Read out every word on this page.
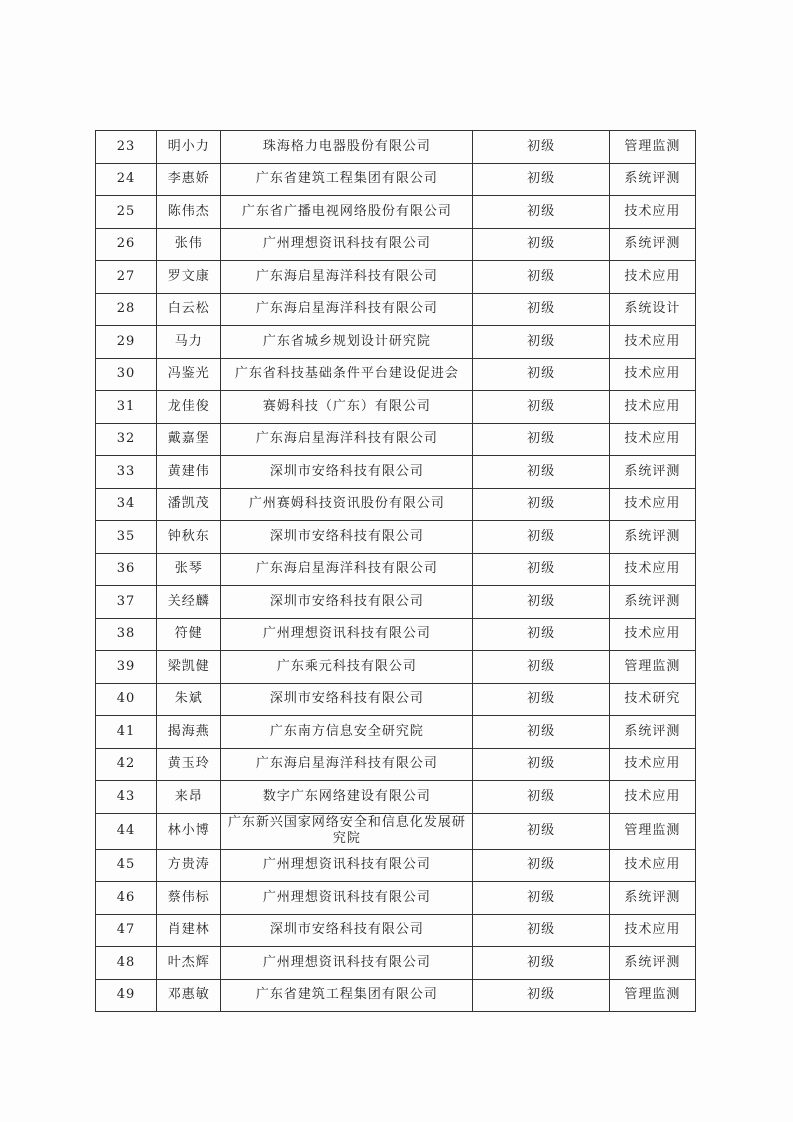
23	明小力	珠海格力电器股份有限公司	初级	管理监测
24	李惠娇	广东省建筑工程集团有限公司	初级	系统评测
25	陈伟杰	广东省广播电视网络股份有限公司	初级	技术应用
26	张伟	广州理想资讯科技有限公司	初级	系统评测
27	罗文康	广东海启星海洋科技有限公司	初级	技术应用
28	白云松	广东海启星海洋科技有限公司	初级	系统设计
29	马力	广东省城乡规划设计研究院	初级	技术应用
30	冯鉴光	广东省科技基础条件平台建设促进会	初级	技术应用
31	龙佳俊	赛姆科技（广东）有限公司	初级	技术应用
32	戴嘉堡	广东海启星海洋科技有限公司	初级	技术应用
33	黄建伟	深圳市安络科技有限公司	初级	系统评测
34	潘凯茂	广州赛姆科技资讯股份有限公司	初级	技术应用
35	钟秋东	深圳市安络科技有限公司	初级	系统评测
36	张琴	广东海启星海洋科技有限公司	初级	技术应用
37	关经麟	深圳市安络科技有限公司	初级	系统评测
38	符健	广州理想资讯科技有限公司	初级	技术应用
39	梁凯健	广东乘元科技有限公司	初级	管理监测
40	朱斌	深圳市安络科技有限公司	初级	技术研究
41	揭海燕	广东南方信息安全研究院	初级	系统评测
42	黄玉玲	广东海启星海洋科技有限公司	初级	技术应用
43	来昂	数字广东网络建设有限公司	初级	技术应用
44	林小博	广东新兴国家网络安全和信息化发展研究院	初级	管理监测
45	方贵涛	广州理想资讯科技有限公司	初级	技术应用
46	蔡伟标	广州理想资讯科技有限公司	初级	系统评测
47	肖建林	深圳市安络科技有限公司	初级	技术应用
48	叶杰辉	广州理想资讯科技有限公司	初级	系统评测
49	邓惠敏	广东省建筑工程集团有限公司	初级	管理监测
